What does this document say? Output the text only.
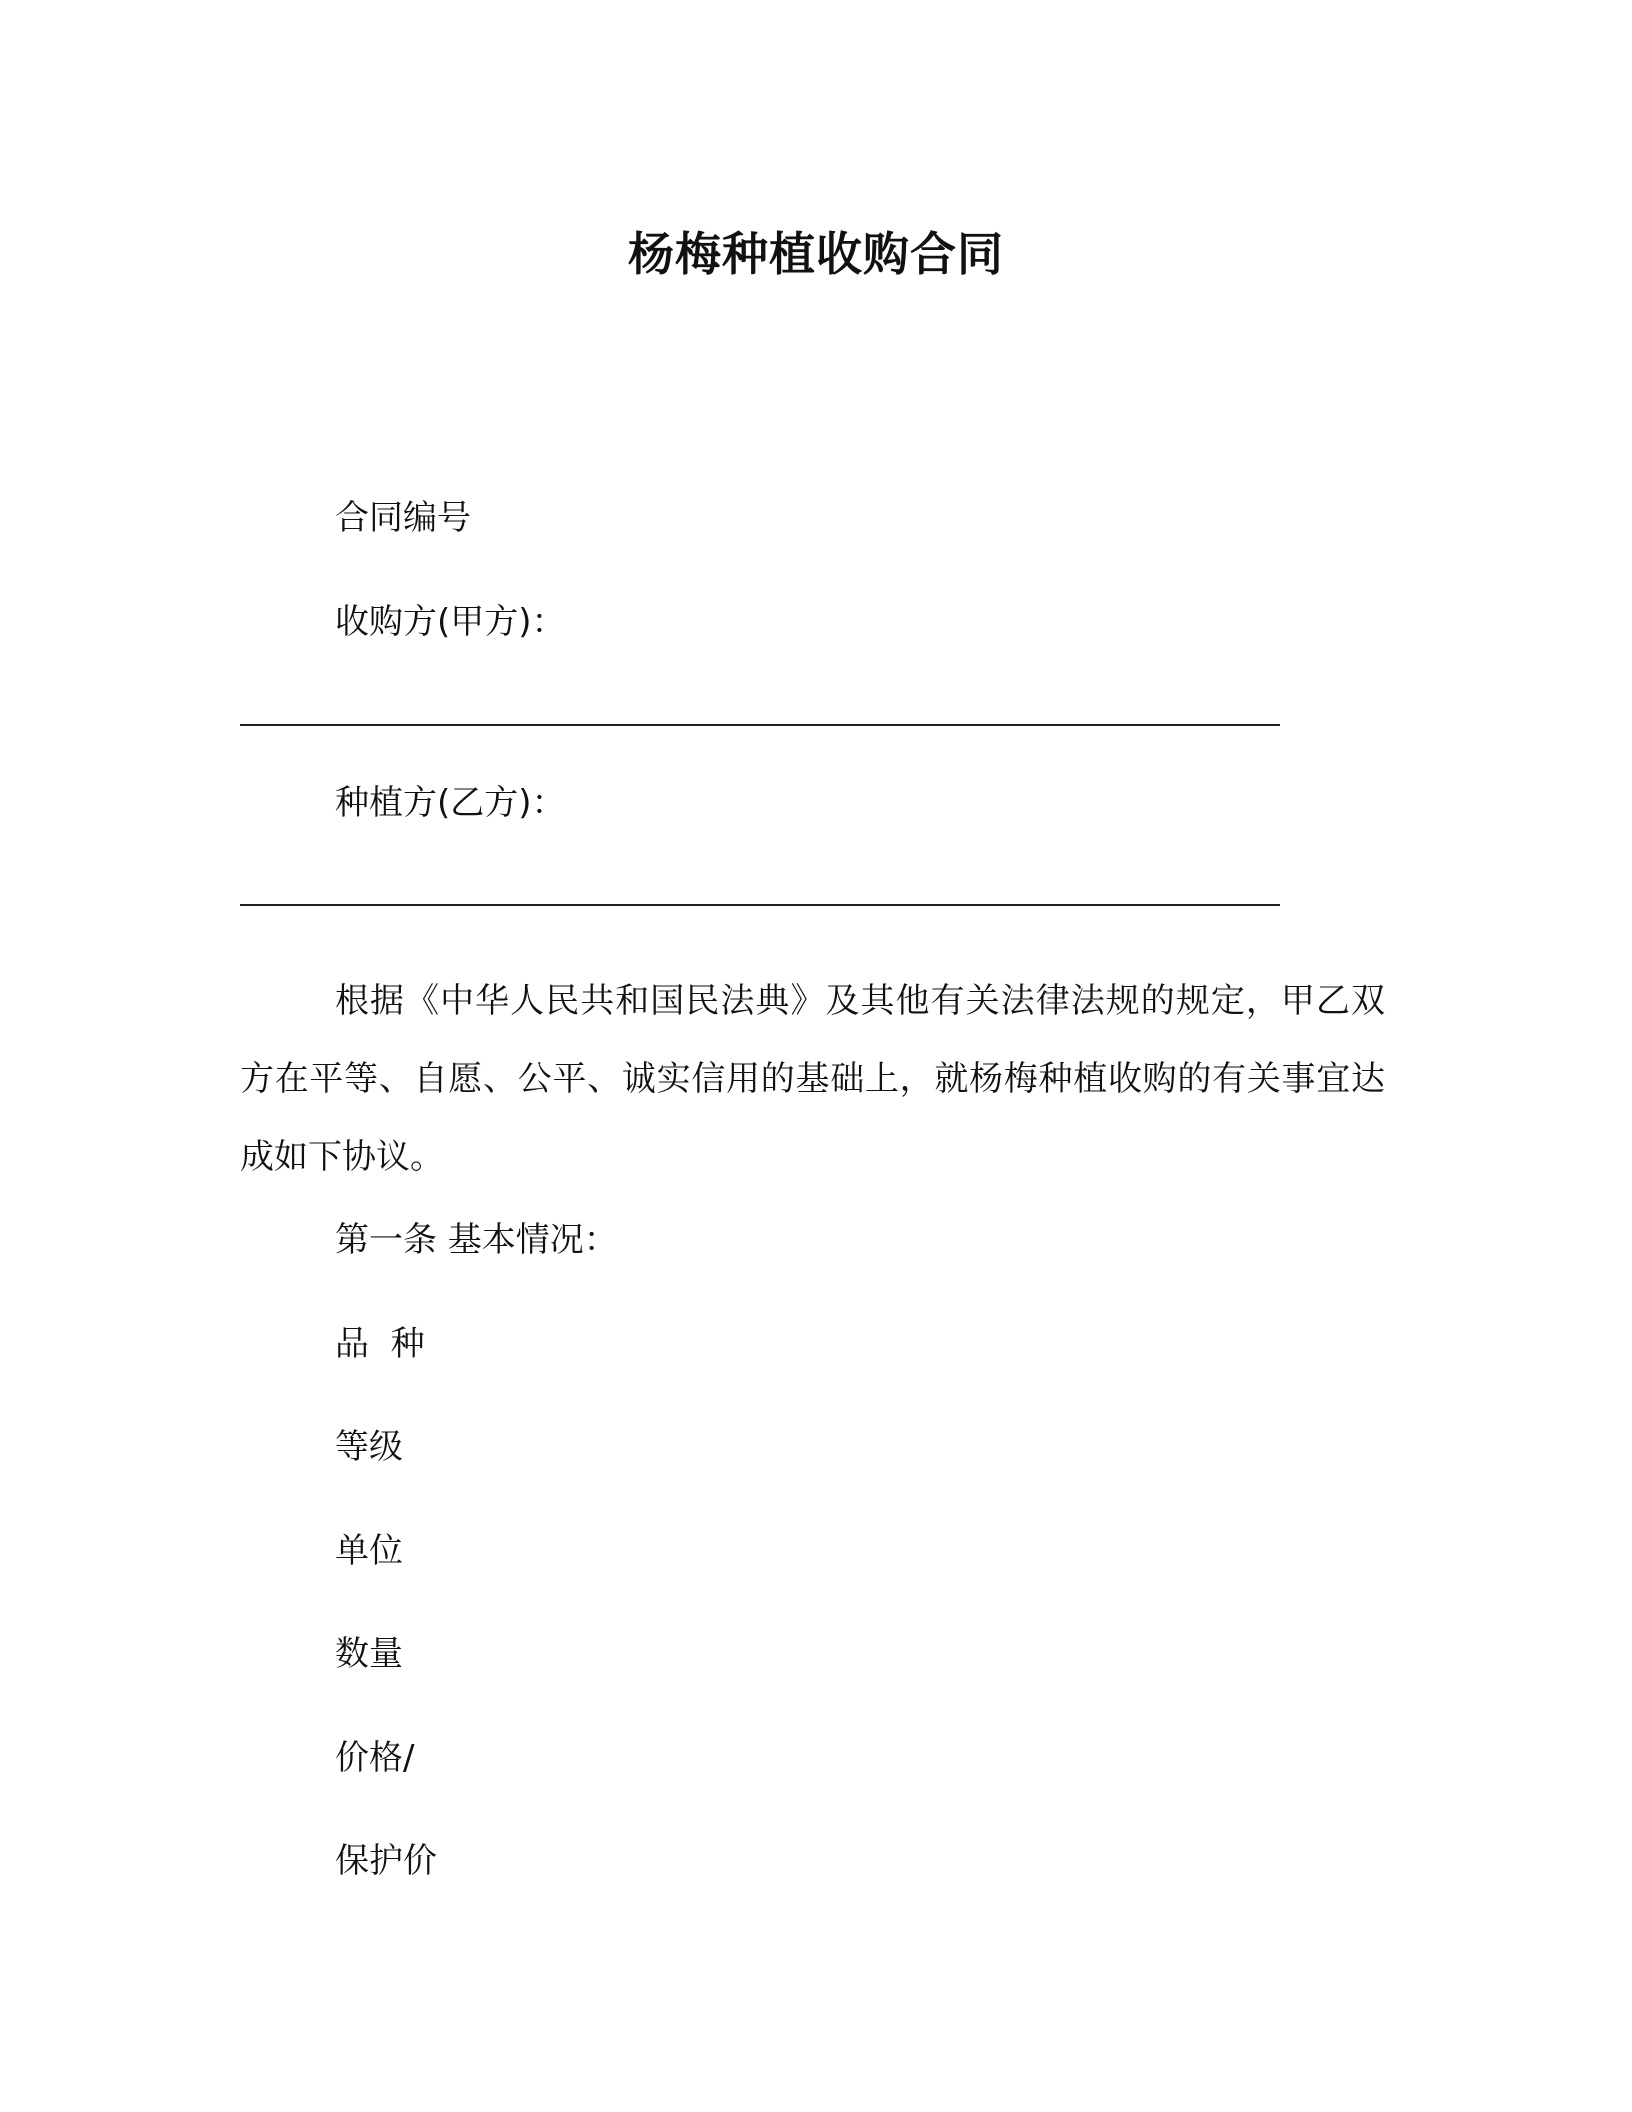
杨梅种植收购合同

合同编号

收购方(甲方)：

种植方(乙方)：

根据《中华人民共和国民法典》及其他有关法律法规的规定，甲乙双方在平等、自愿、公平、诚实信用的基础上，就杨梅种植收购的有关事宜达成如下协议。

第一条 基本情况：

品  种

等级

单位

数量

价格/

保护价
